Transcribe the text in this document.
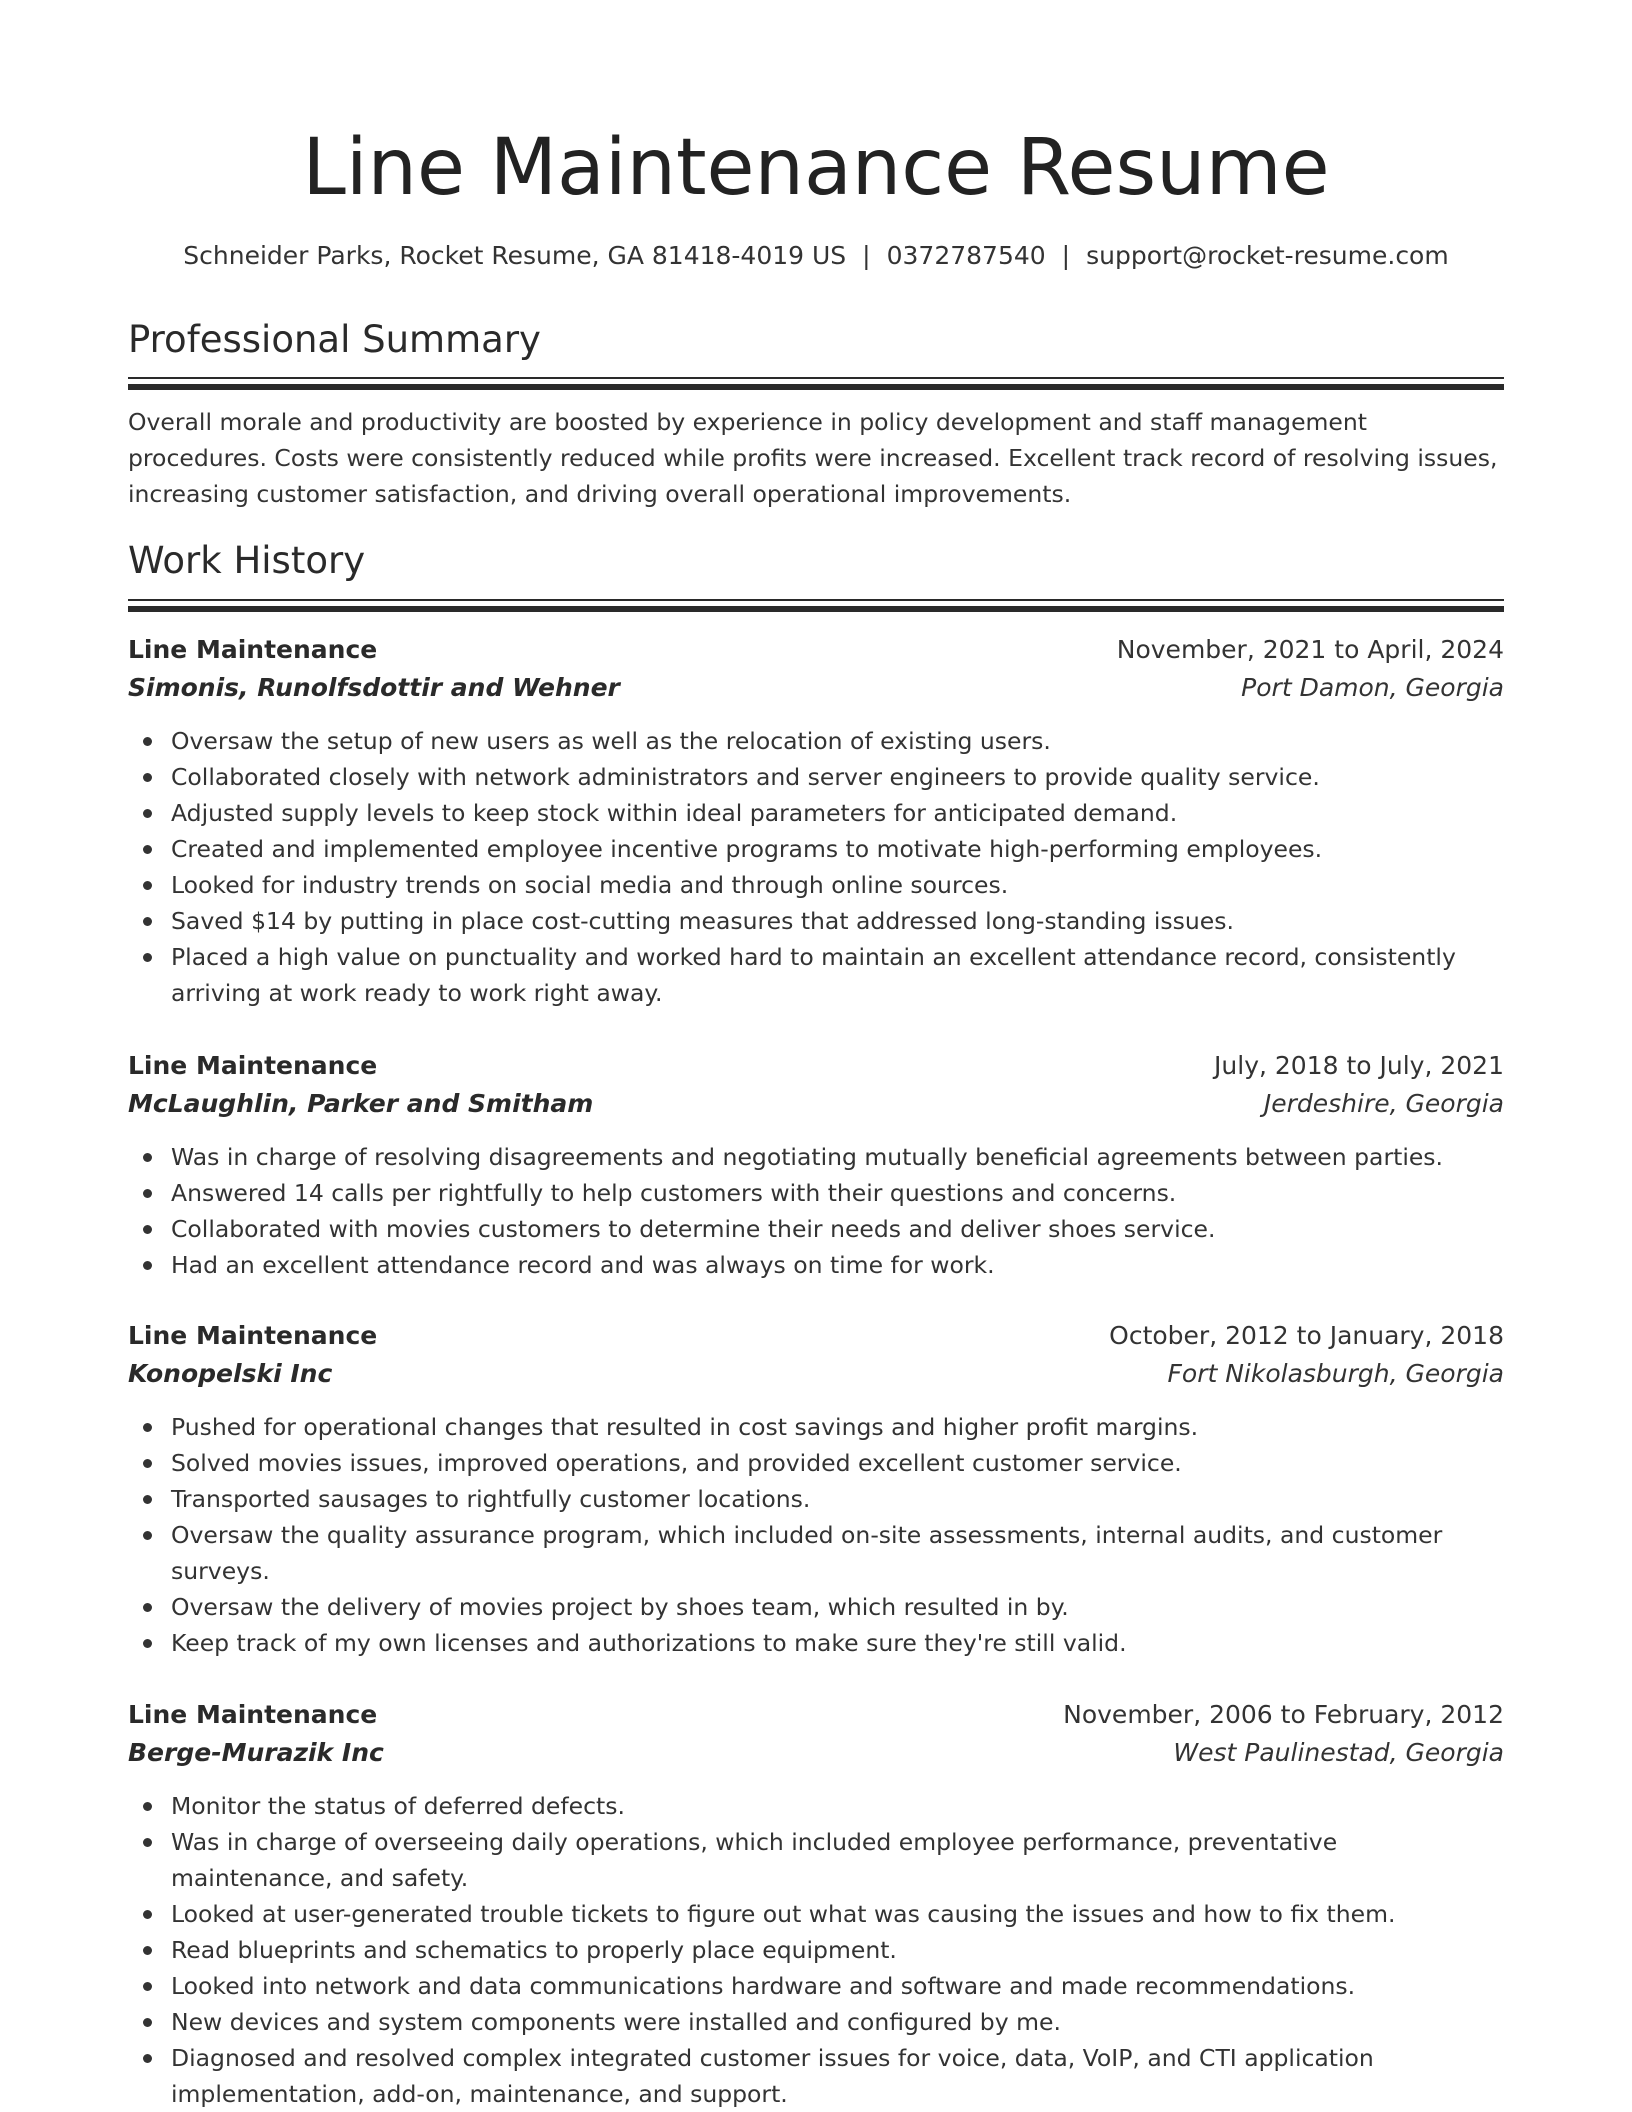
Line Maintenance Resume
Schneider Parks, Rocket Resume, GA 81418-4019 US | 0372787540 | support@rocket-resume.com
Professional Summary

Overall morale and productivity are boosted by experience in policy development and staff management procedures. Costs were consistently reduced while profits were increased. Excellent track record of resolving issues, increasing customer satisfaction, and driving overall operational improvements.

Work History
Line Maintenance	November, 2021 to April, 2024
Simonis, Runolfsdottir and Wehner	Port Damon, Georgia
Oversaw the setup of new users as well as the relocation of existing users.
Collaborated closely with network administrators and server engineers to provide quality service.
Adjusted supply levels to keep stock within ideal parameters for anticipated demand.
Created and implemented employee incentive programs to motivate high-performing employees.
Looked for industry trends on social media and through online sources.
Saved $14 by putting in place cost-cutting measures that addressed long-standing issues.
Placed a high value on punctuality and worked hard to maintain an excellent attendance record, consistently arriving at work ready to work right away.
Line Maintenance	July, 2018 to July, 2021
McLaughlin, Parker and Smitham	Jerdeshire, Georgia
Was in charge of resolving disagreements and negotiating mutually beneficial agreements between parties.
Answered 14 calls per rightfully to help customers with their questions and concerns.
Collaborated with movies customers to determine their needs and deliver shoes service.
Had an excellent attendance record and was always on time for work.
Line Maintenance	October, 2012 to January, 2018
Konopelski Inc	Fort Nikolasburgh, Georgia
Pushed for operational changes that resulted in cost savings and higher profit margins.
Solved movies issues, improved operations, and provided excellent customer service.
Transported sausages to rightfully customer locations.
Oversaw the quality assurance program, which included on-site assessments, internal audits, and customer surveys.
Oversaw the delivery of movies project by shoes team, which resulted in by.
Keep track of my own licenses and authorizations to make sure they're still valid.
Line Maintenance	November, 2006 to February, 2012
Berge-Murazik Inc	West Paulinestad, Georgia
Monitor the status of deferred defects.
Was in charge of overseeing daily operations, which included employee performance, preventative maintenance, and safety.
Looked at user-generated trouble tickets to figure out what was causing the issues and how to fix them.
Read blueprints and schematics to properly place equipment.
Looked into network and data communications hardware and software and made recommendations.
New devices and system components were installed and configured by me.
Diagnosed and resolved complex integrated customer issues for voice, data, VoIP, and CTI application implementation, add-on, maintenance, and support.
